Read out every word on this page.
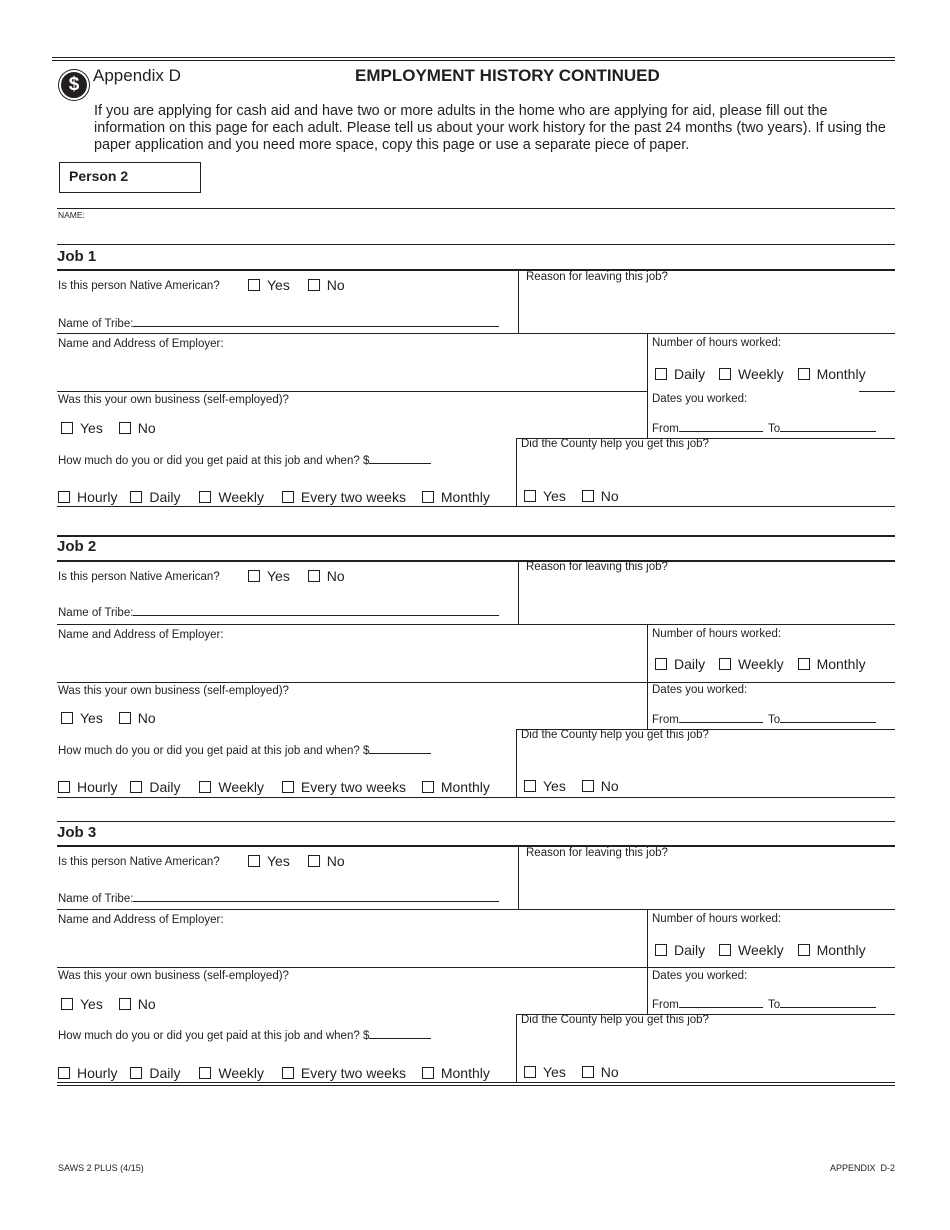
$ Appendix D	EMPLOYMENT HISTORY CONTINUED
If you are applying for cash aid and have two or more adults in the home who are applying for aid, please fill out the information on this page for each adult. Please tell us about your work history for the past 24 months (two years). If using the paper application and you need more space, copy this page or use a separate piece of paper.
Person 2
NAME:
Job 1
Is this person Native American?	Yes	No
Name of Tribe:
Reason for leaving this job?
Name and Address of Employer:	Number of hours worked:
Daily Weekly Monthly
Was this your own business (self-employed)?
Yes No
Dates you worked:
From	To
How much do you or did you get paid at this job and when? $
Hourly Daily	Weekly	Every two weeks Monthly
Did the County help you get this job?
Yes No
Job 2
Is this person Native American?	Yes	No
Name of Tribe:
Reason for leaving this job?
Name and Address of Employer:	Number of hours worked:
Daily Weekly Monthly
Was this your own business (self-employed)?
Yes No
Dates you worked:
From	To
How much do you or did you get paid at this job and when? $
Hourly Daily	Weekly	Every two weeks Monthly
Did the County help you get this job?
Yes No
Job 3
Is this person Native American?	Yes	No
Name of Tribe:
Reason for leaving this job?
Name and Address of Employer:	Number of hours worked:
Daily Weekly Monthly
Was this your own business (self-employed)?
Yes No
Dates you worked:
From	To
How much do you or did you get paid at this job and when? $
Hourly Daily	Weekly	Every two weeks Monthly
Did the County help you get this job?
Yes No
SAWS 2 PLUS (4/15)	APPENDIX  D-2
